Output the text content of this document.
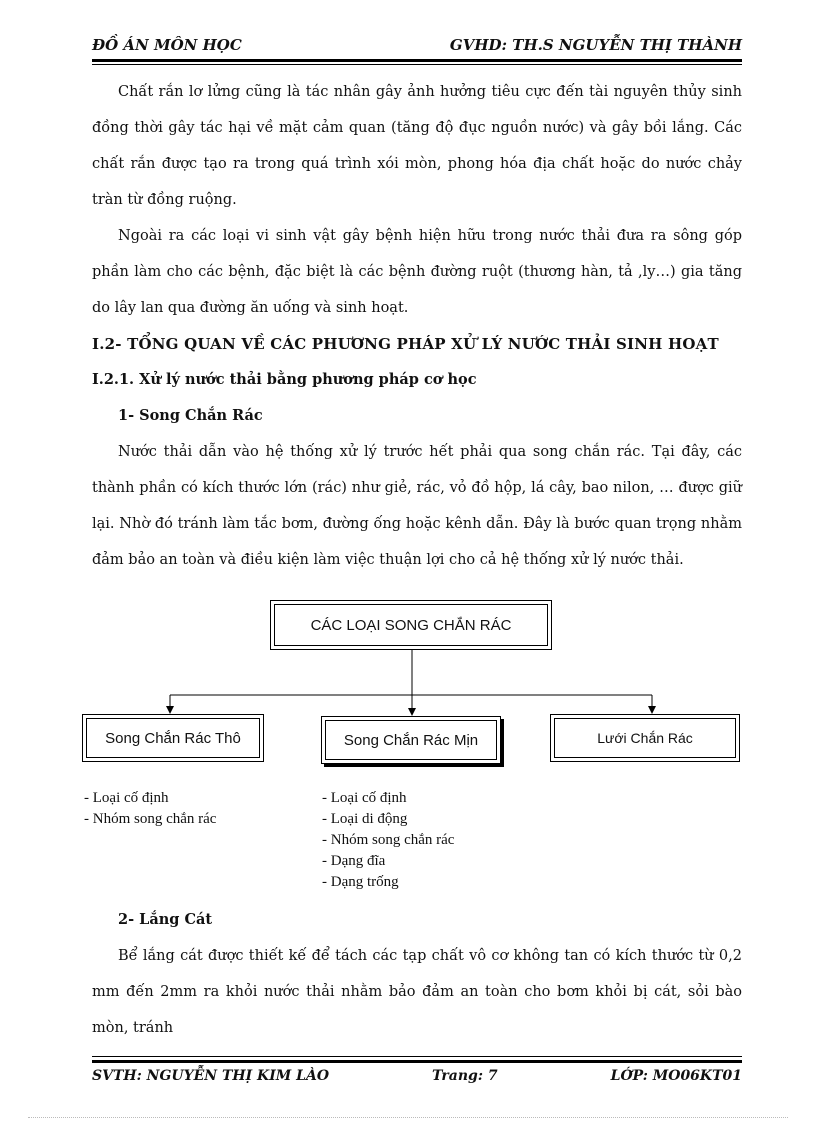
ĐỒ ÁN MÔN HỌC	GVHD: TH.S NGUYỄN THỊ THÀNH

Chất rắn lơ lửng cũng là tác nhân gây ảnh hưởng tiêu cực đến tài nguyên thủy sinh đồng thời gây tác hại về mặt cảm quan (tăng độ đục nguồn nước) và gây bồi lắng. Các chất rắn được tạo ra trong quá trình xói mòn, phong hóa địa chất hoặc do nước chảy tràn từ đồng ruộng.

Ngoài ra các loại vi sinh vật gây bệnh hiện hữu trong nước thải đưa ra sông góp phần làm cho các bệnh, đặc biệt là các bệnh đường ruột (thương hàn, tả ,ly…) gia tăng do lây lan qua đường ăn uống và sinh hoạt.

I.2- TỔNG QUAN VỀ CÁC PHƯƠNG PHÁP XỬ LÝ NƯỚC THẢI SINH HOẠT

I.2.1. Xử lý nước thải bằng phương pháp cơ học

1- Song Chắn Rác

Nước thải dẫn vào hệ thống xử lý trước hết phải qua song chắn rác. Tại đây, các thành phần có kích thước lớn (rác) như giẻ, rác, vỏ đồ hộp, lá cây, bao nilon, … được giữ lại. Nhờ đó tránh làm tắc bơm, đường ống hoặc kênh dẫn. Đây là bước quan trọng nhằm đảm bảo an toàn và điều kiện làm việc thuận lợi cho cả hệ thống xử lý nước thải.

CÁC LOẠI SONG CHẮN RÁC
Song Chắn Rác Thô	Song Chắn Rác Mịn	Lưới Chắn Rác
- Loại cố định
- Nhóm song chắn rác
- Loại cố định
- Loại di động
- Nhóm song chắn rác
- Dạng đĩa
- Dạng trống

2- Lắng Cát

Bể lắng cát được thiết kế để tách các tạp chất vô cơ không tan có kích thước từ 0,2 mm đến 2mm ra khỏi nước thải nhằm bảo đảm an toàn cho bơm khỏi bị cát, sỏi bào mòn, tránh

SVTH: NGUYỄN THỊ KIM LÀO	Trang: 7	LỚP: MO06KT01
